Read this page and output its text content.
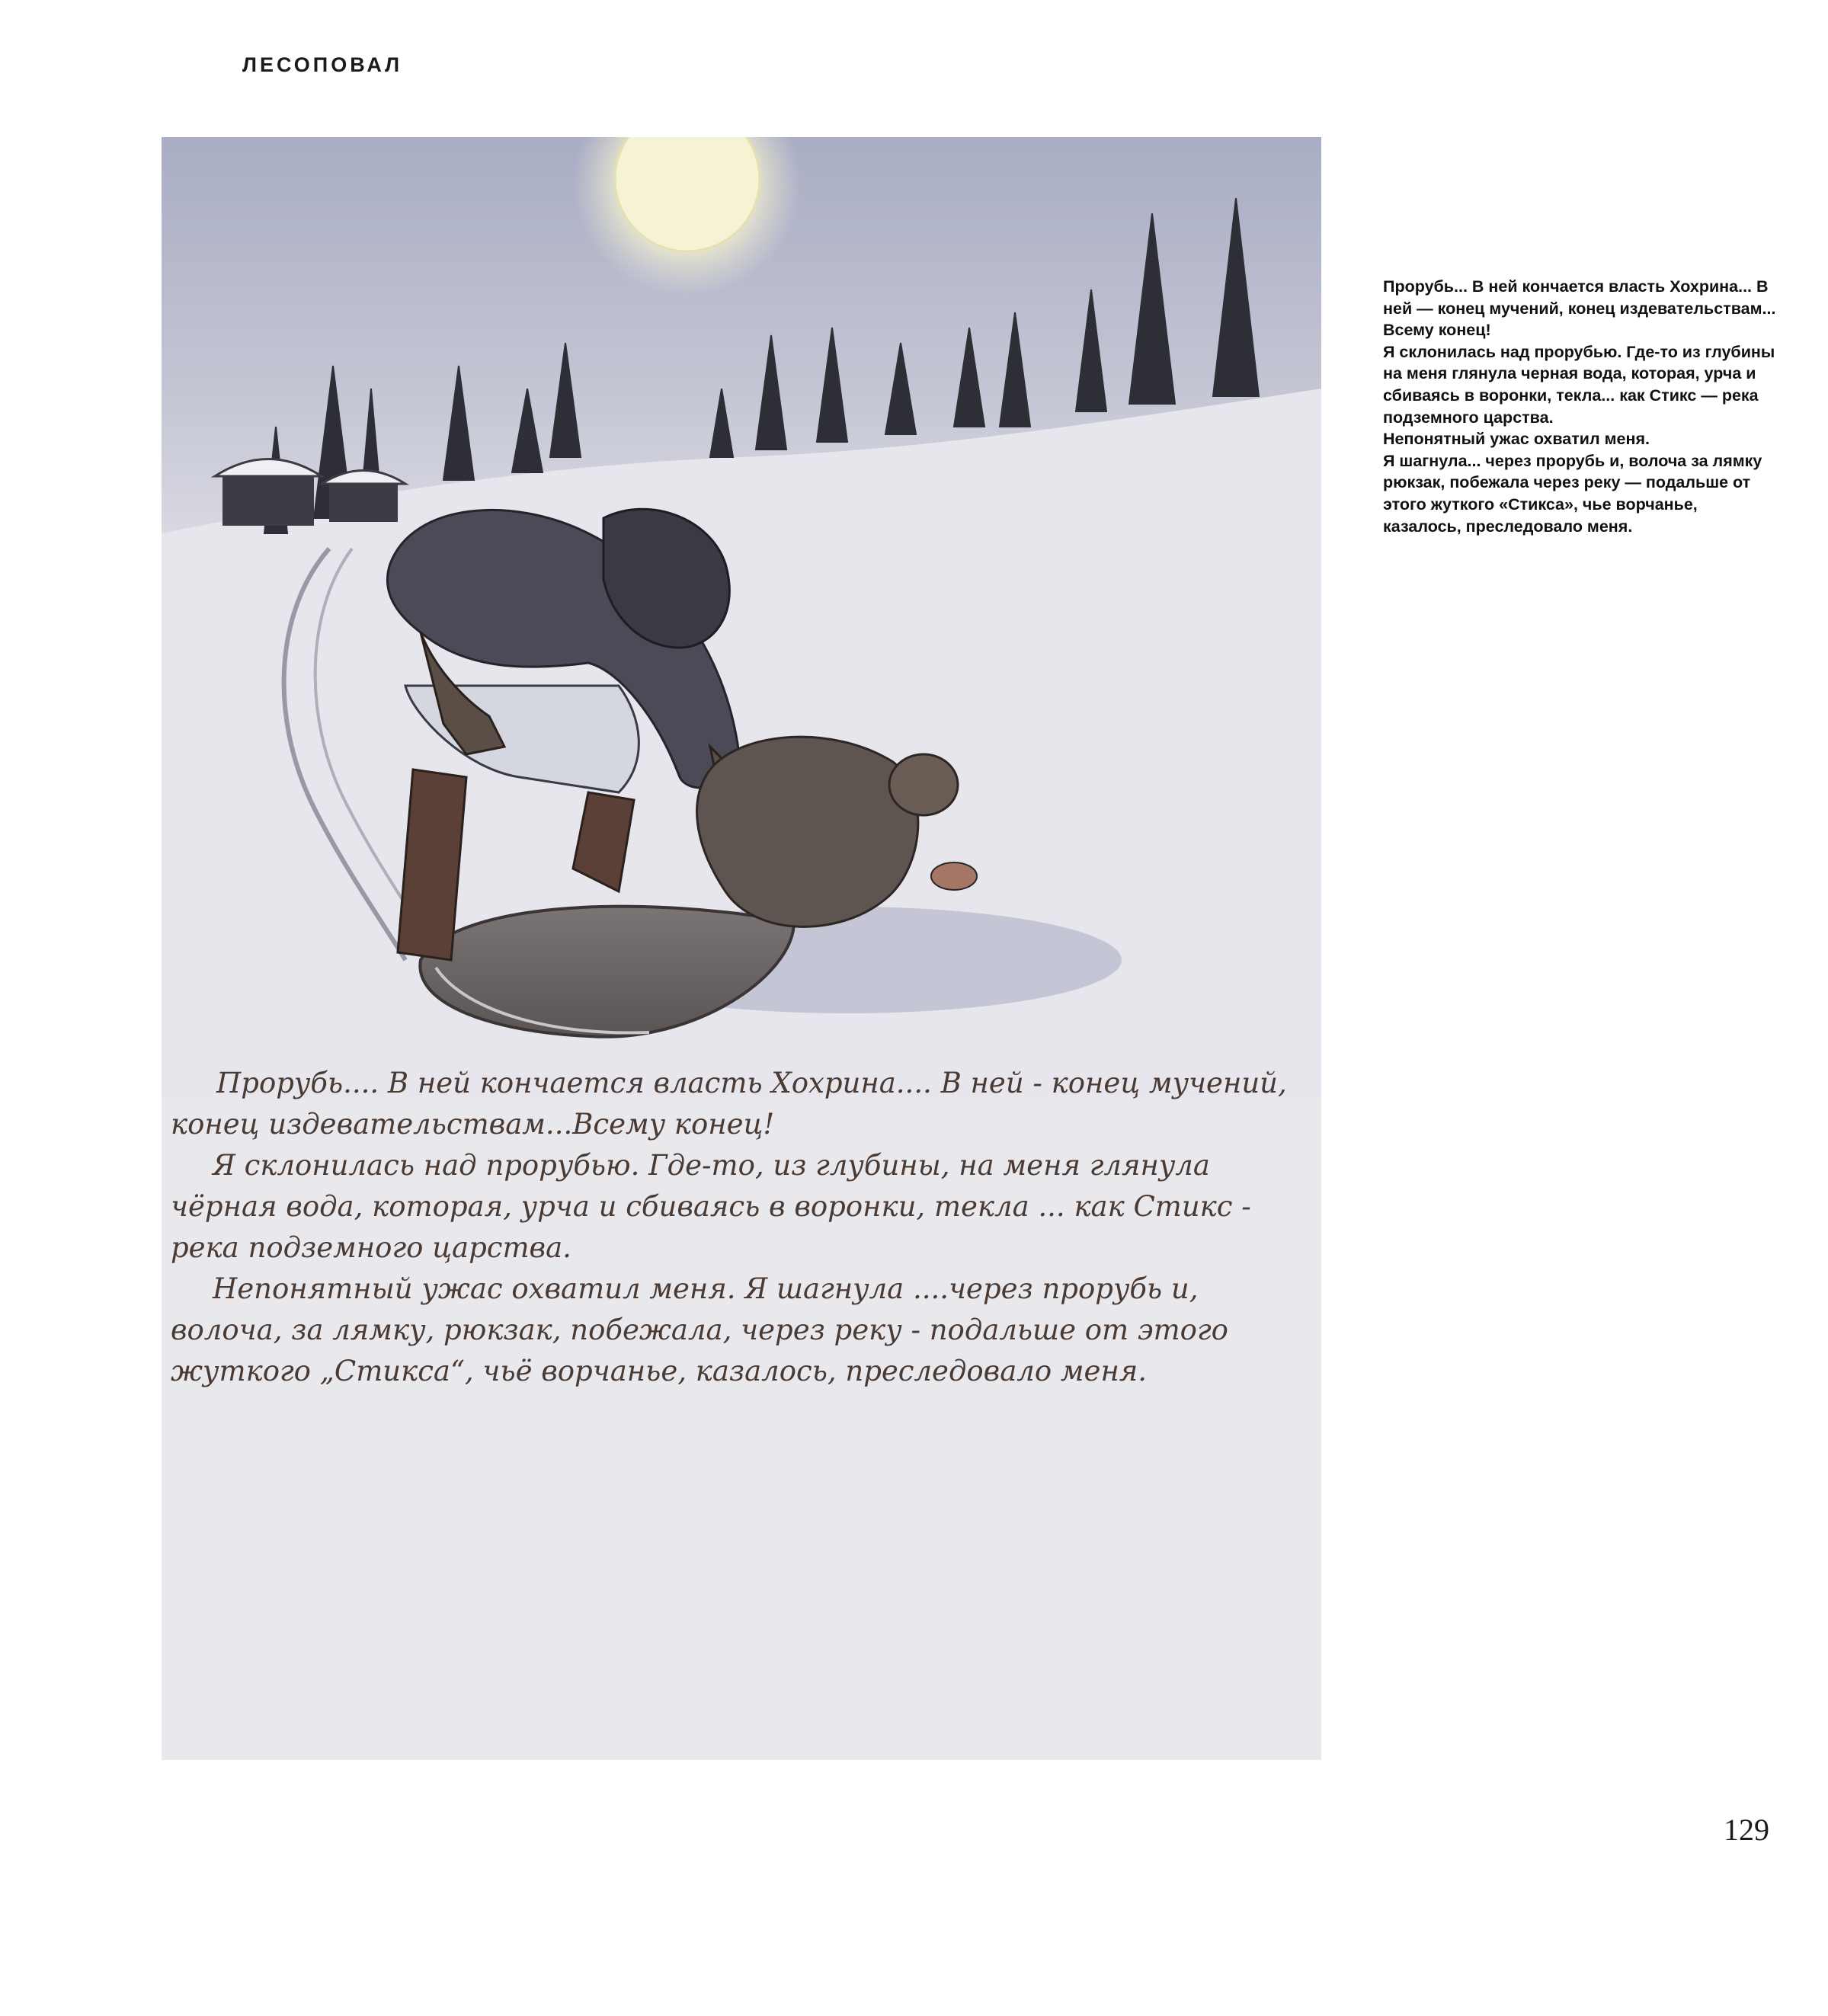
ЛЕСОПОВАЛ

Прорубь.... В ней кончается власть Хохрина.... В ней - конец мучений, конец издевательствам...Всему конец!

Я склонилась над прорубью. Где-то, из глубины, на меня глянула чёрная вода, которая, урча и сбиваясь в воронки, текла ... как Стикс - река подземного царства.

Непонятный ужас охватил меня. Я шагнула ....через прорубь и, волоча, за лямку, рюкзак, побежала, через реку - подальше от этого жуткого „Стикса“, чьё ворчанье, казалось, преследовало меня.

Прорубь... В ней кончается власть Хохрина... В ней — конец мучений, конец издевательствам... Всему конец!

Я склонилась над прорубью. Где-то из глубины на меня глянула черная вода, которая, урча и сбиваясь в воронки, текла... как Стикс — река подземного царства.

Непонятный ужас охватил меня.

Я шагнула... через прорубь и, волоча за лямку рюкзак, побежала через реку — подальше от этого жуткого «Стикса», чье ворчанье, казалось, преследовало меня.

129
